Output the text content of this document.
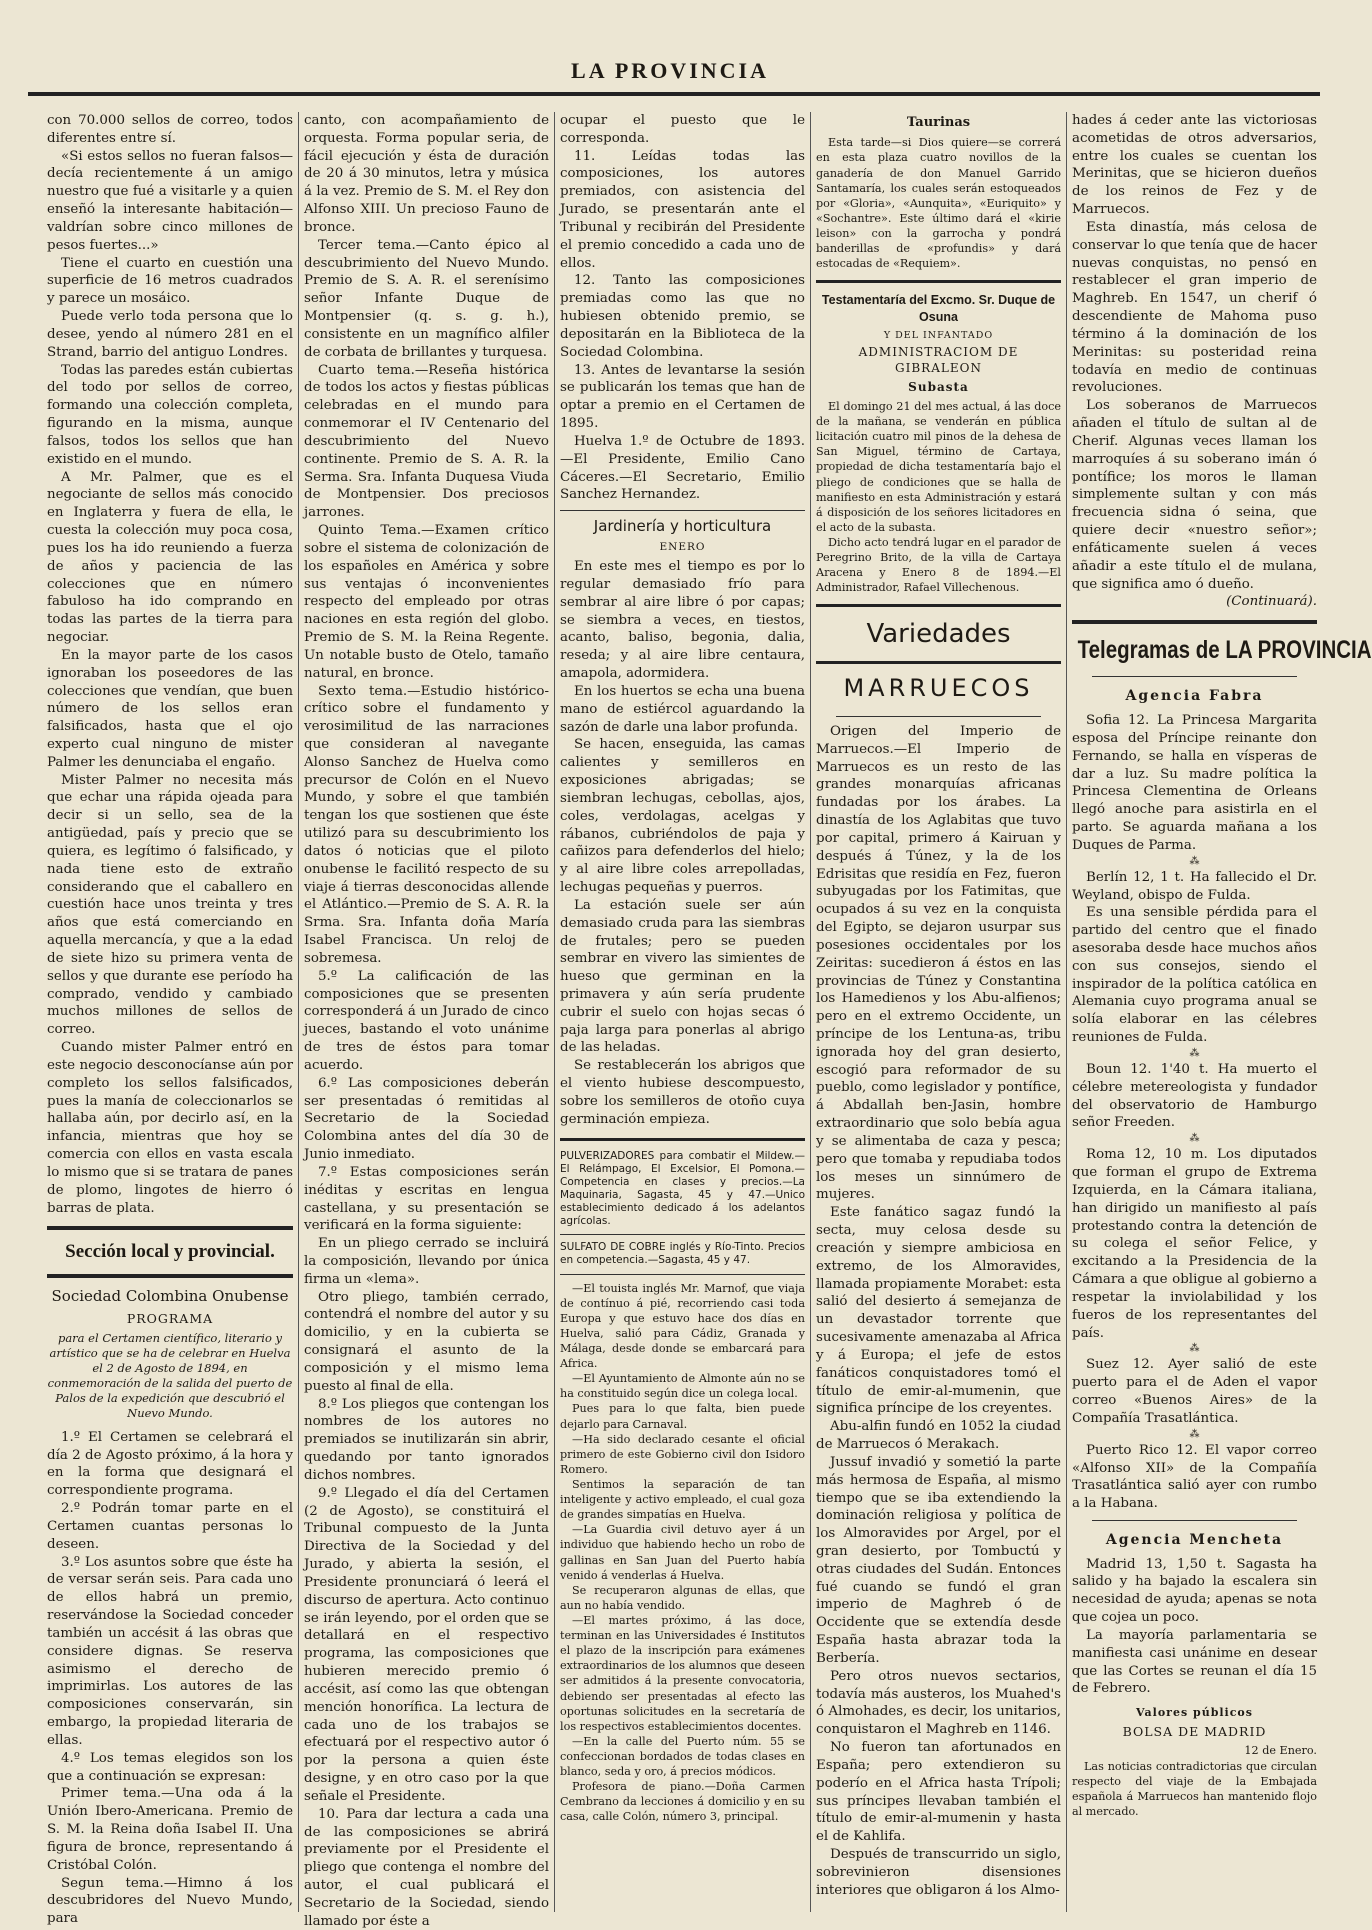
LA PROVINCIA

con 70.000 sellos de correo, todos diferentes entre sí.

«Si estos sellos no fueran falsos—decía recientemente á un amigo nuestro que fué a visitarle y a quien enseñó la interesante habitación—valdrían sobre cinco millones de pesos fuertes...»

Tiene el cuarto en cuestión una superficie de 16 metros cuadrados y parece un mosáico.

Puede verlo toda persona que lo desee, yendo al número 281 en el Strand, barrio del antiguo Londres.

Todas las paredes están cubiertas del todo por sellos de correo, formando una colección completa, figurando en la misma, aunque falsos, todos los sellos que han existido en el mundo.

A Mr. Palmer, que es el negociante de sellos más conocido en Inglaterra y fuera de ella, le cuesta la colección muy poca cosa, pues los ha ido reuniendo a fuerza de años y paciencia de las colecciones que en número fabuloso ha ido comprando en todas las partes de la tierra para negociar.

En la mayor parte de los casos ignoraban los poseedores de las colecciones que vendían, que buen número de los sellos eran falsificados, hasta que el ojo experto cual ninguno de mister Palmer les denunciaba el engaño.

Mister Palmer no necesita más que echar una rápida ojeada para decir si un sello, sea de la antigüedad, país y precio que se quiera, es legítimo ó falsificado, y nada tiene esto de extraño considerando que el caballero en cuestión hace unos treinta y tres años que está comerciando en aquella mercancía, y que a la edad de siete hizo su primera venta de sellos y que durante ese período ha comprado, vendido y cambiado muchos millones de sellos de correo.

Cuando mister Palmer entró en este negocio desconocíanse aún por completo los sellos falsificados, pues la manía de coleccionarlos se hallaba aún, por decirlo así, en la infancia, mientras que hoy se comercia con ellos en vasta escala lo mismo que si se tratara de panes de plomo, lingotes de hierro ó barras de plata.

Sección local y provincial.
Sociedad Colombina Onubense
PROGRAMA
para el Certamen científico, literario y artístico que se ha de celebrar en Huelva el 2 de Agosto de 1894, en conmemoración de la salida del puerto de Palos de la expedición que descubrió el Nuevo Mundo.

1.º El Certamen se celebrará el día 2 de Agosto próximo, á la hora y en la forma que designará el correspondiente programa.

2.º Podrán tomar parte en el Certamen cuantas personas lo deseen.

3.º Los asuntos sobre que éste ha de versar serán seis. Para cada uno de ellos habrá un premio, reservándose la Sociedad conceder también un accésit á las obras que considere dignas. Se reserva asimismo el derecho de imprimirlas. Los autores de las composiciones conservarán, sin embargo, la propiedad literaria de ellas.

4.º Los temas elegidos son los que a continuación se expresan:

Primer tema.—Una oda á la Unión Ibero-Americana. Premio de S. M. la Reina doña Isabel II. Una figura de bronce, representando á Cristóbal Colón.

Segun tema.—Himno á los descubridores del Nuevo Mundo, para

canto, con acompañamiento de orquesta. Forma popular seria, de fácil ejecución y ésta de duración de 20 á 30 minutos, letra y música á la vez. Premio de S. M. el Rey don Alfonso XIII. Un precioso Fauno de bronce.

Tercer tema.—Canto épico al descubrimiento del Nuevo Mundo. Premio de S. A. R. el serenísimo señor Infante Duque de Montpensier (q. s. g. h.), consistente en un magnífico alfiler de corbata de brillantes y turquesa.

Cuarto tema.—Reseña histórica de todos los actos y fiestas públicas celebradas en el mundo para conmemorar el IV Centenario del descubrimiento del Nuevo continente. Premio de S. A. R. la Serma. Sra. Infanta Duquesa Viuda de Montpensier. Dos preciosos jarrones.

Quinto Tema.—Examen crítico sobre el sistema de colonización de los españoles en América y sobre sus ventajas ó inconvenientes respecto del empleado por otras naciones en esta región del globo. Premio de S. M. la Reina Regente. Un notable busto de Otelo, tamaño natural, en bronce.

Sexto tema.—Estudio histórico-crítico sobre el fundamento y verosimilitud de las narraciones que consideran al navegante Alonso Sanchez de Huelva como precursor de Colón en el Nuevo Mundo, y sobre el que también tengan los que sostienen que éste utilizó para su descubrimiento los datos ó noticias que el piloto onubense le facilitó respecto de su viaje á tierras desconocidas allende el Atlántico.—Premio de S. A. R. la Srma. Sra. Infanta doña María Isabel Francisca. Un reloj de sobremesa.

5.º La calificación de las composiciones que se presenten corresponderá á un Jurado de cinco jueces, bastando el voto unánime de tres de éstos para tomar acuerdo.

6.º Las composiciones deberán ser presentadas ó remitidas al Secretario de la Sociedad Colombina antes del día 30 de Junio inmediato.

7.º Estas composiciones serán inéditas y escritas en lengua castellana, y su presentación se verificará en la forma siguiente:

En un pliego cerrado se incluirá la composición, llevando por única firma un «lema».

Otro pliego, también cerrado, contendrá el nombre del autor y su domicilio, y en la cubierta se consignará el asunto de la composición y el mismo lema puesto al final de ella.

8.º Los pliegos que contengan los nombres de los autores no premiados se inutilizarán sin abrir, quedando por tanto ignorados dichos nombres.

9.º Llegado el día del Certamen (2 de Agosto), se constituirá el Tribunal compuesto de la Junta Directiva de la Sociedad y del Jurado, y abierta la sesión, el Presidente pronunciará ó leerá el discurso de apertura. Acto continuo se irán leyendo, por el orden que se detallará en el respectivo programa, las composiciones que hubieren merecido premio ó accésit, así como las que obtengan mención honorífica. La lectura de cada uno de los trabajos se efectuará por el respectivo autor ó por la persona a quien éste designe, y en otro caso por la que señale el Presidente.

10. Para dar lectura a cada una de las composiciones se abrirá previamente por el Presidente el pliego que contenga el nombre del autor, el cual publicará el Secretario de la Sociedad, siendo llamado por éste a

ocupar el puesto que le corresponda.

11. Leídas todas las composiciones, los autores premiados, con asistencia del Jurado, se presentarán ante el Tribunal y recibirán del Presidente el premio concedido a cada uno de ellos.

12. Tanto las composiciones premiadas como las que no hubiesen obtenido premio, se depositarán en la Biblioteca de la Sociedad Colombina.

13. Antes de levantarse la sesión se publicarán los temas que han de optar a premio en el Certamen de 1895.

Huelva 1.º de Octubre de 1893. —El Presidente, Emilio Cano Cáceres.—El Secretario, Emilio Sanchez Hernandez.

Jardinería y horticultura
ENERO

En este mes el tiempo es por lo regular demasiado frío para sembrar al aire libre ó por capas; se siembra a veces, en tiestos, acanto, baliso, begonia, dalia, reseda; y al aire libre centaura, amapola, adormidera.

En los huertos se echa una buena mano de estiércol aguardando la sazón de darle una labor profunda.

Se hacen, enseguida, las camas calientes y semilleros en exposiciones abrigadas; se siembran lechugas, cebollas, ajos, coles, verdolagas, acelgas y rábanos, cubriéndolos de paja y cañizos para defenderlos del hielo; y al aire libre coles arrepolladas, lechugas pequeñas y puerros.

La estación suele ser aún demasiado cruda para las siembras de frutales; pero se pueden sembrar en vivero las simientes de hueso que germinan en la primavera y aún sería prudente cubrir el suelo con hojas secas ó paja larga para ponerlas al abrigo de las heladas.

Se restablecerán los abrigos que el viento hubiese descompuesto, sobre los semilleros de otoño cuya germinación empieza.

PULVERIZADORES para combatir el Mildew.—El Relámpago, El Excelsior, El Pomona.—Competencia en clases y precios.—La Maquinaria, Sagasta, 45 y 47.—Unico establecimiento dedicado á los adelantos agrícolas.
SULFATO DE COBRE inglés y Río-Tinto. Precios en competencia.—Sagasta, 45 y 47.

—El touista inglés Mr. Marnof, que viaja de contínuo á pié, recorriendo casi toda Europa y que estuvo hace dos días en Huelva, salió para Cádiz, Granada y Málaga, desde donde se embarcará para Africa.

—El Ayuntamiento de Almonte aún no se ha constituido según dice un colega local.

Pues para lo que falta, bien puede dejarlo para Carnaval.

—Ha sido declarado cesante el oficial primero de este Gobierno civil don Isidoro Romero.

Sentimos la separación de tan inteligente y activo empleado, el cual goza de grandes simpatías en Huelva.

—La Guardia civil detuvo ayer á un individuo que habiendo hecho un robo de gallinas en San Juan del Puerto había venido á venderlas á Huelva.

Se recuperaron algunas de ellas, que aun no había vendido.

—El martes próximo, á las doce, terminan en las Universidades é Institutos el plazo de la inscripción para exámenes extraordinarios de los alumnos que deseen ser admitidos á la presente convocatoria, debiendo ser presentadas al efecto las oportunas solicitudes en la secretaría de los respectivos establecimientos docentes.

—En la calle del Puerto núm. 55 se confeccionan bordados de todas clases en blanco, seda y oro, á precios módicos.

Profesora de piano.—Doña Carmen Cembrano da lecciones á domicilio y en su casa, calle Colón, número 3, principal.

Taurinas

Esta tarde—si Dios quiere—se correrá en esta plaza cuatro novillos de la ganadería de don Manuel Garrido Santamaría, los cuales serán estoqueados por «Gloria», «Aunquita», «Euriquito» y «Sochantre». Este último dará el «kirie leison» con la garrocha y pondrá banderillas de «profundis» y dará estocadas de «Requiem».

Testamentaría del Excmo. Sr. Duque de Osuna
Y DEL INFANTADO
ADMINISTRACIOM DE GIBRALEON
Subasta

El domingo 21 del mes actual, á las doce de la mañana, se venderán en pública licitación cuatro mil pinos de la dehesa de San Miguel, término de Cartaya, propiedad de dicha testamentaría bajo el pliego de condiciones que se halla de manifiesto en esta Administración y estará á disposición de los señores licitadores en el acto de la subasta.

Dicho acto tendrá lugar en el parador de Peregrino Brito, de la villa de Cartaya Aracena y Enero 8 de 1894.—El Administrador, Rafael Villechenous.

Variedades
MARRUECOS

Origen del Imperio de Marruecos.—El Imperio de Marruecos es un resto de las grandes monarquías africanas fundadas por los árabes. La dinastía de los Aglabitas que tuvo por capital, primero á Kairuan y después á Túnez, y la de los Edrisitas que residía en Fez, fueron subyugadas por los Fatimitas, que ocupados á su vez en la conquista del Egipto, se dejaron usurpar sus posesiones occidentales por los Zeiritas: sucedieron á éstos en las provincias de Túnez y Constantina los Hamedienos y los Abu-alfienos; pero en el extremo Occidente, un príncipe de los Lentuna-as, tribu ignorada hoy del gran desierto, escogió para reformador de su pueblo, como legislador y pontífice, á Abdallah ben-Jasin, hombre extraordinario que solo bebía agua y se alimentaba de caza y pesca; pero que tomaba y repudiaba todos los meses un sinnúmero de mujeres.

Este fanático sagaz fundó la secta, muy celosa desde su creación y siempre ambiciosa en extremo, de los Almoravides, llamada propiamente Morabet: esta salió del desierto á semejanza de un devastador torrente que sucesivamente amenazaba al Africa y á Europa; el jefe de estos fanáticos conquistadores tomó el título de emir-al-mumenin, que significa príncipe de los creyentes.

Abu-alfin fundó en 1052 la ciudad de Marruecos ó Merakach.

Jussuf invadió y sometió la parte más hermosa de España, al mismo tiempo que se iba extendiendo la dominación religiosa y política de los Almoravides por Argel, por el gran desierto, por Tombuctú y otras ciudades del Sudán. Entonces fué cuando se fundó el gran imperio de Maghreb ó de Occidente que se extendía desde España hasta abrazar toda la Berbería.

Pero otros nuevos sectarios, todavía más austeros, los Muahed's ó Almohades, es decir, los unitarios, conquistaron el Maghreb en 1146.

No fueron tan afortunados en España; pero extendieron su poderío en el Africa hasta Trípoli; sus príncipes llevaban también el título de emir-al-mumenin y hasta el de Kahlifa.

Después de transcurrido un siglo, sobrevinieron disensiones interiores que obligaron á los Almo-

hades á ceder ante las victoriosas acometidas de otros adversarios, entre los cuales se cuentan los Merinitas, que se hicieron dueños de los reinos de Fez y de Marruecos.

Esta dinastía, más celosa de conservar lo que tenía que de hacer nuevas conquistas, no pensó en restablecer el gran imperio de Maghreb. En 1547, un cherif ó descendiente de Mahoma puso término á la dominación de los Merinitas: su posteridad reina todavía en medio de continuas revoluciones.

Los soberanos de Marruecos añaden el título de sultan al de Cherif. Algunas veces llaman los marroquíes á su soberano imán ó pontífice; los moros le llaman simplemente sultan y con más frecuencia sidna ó seina, que quiere decir «nuestro señor»; enfáticamente suelen á veces añadir a este título el de mulana, que significa amo ó dueño.

(Continuará).
Telegramas de LA PROVINCIA
Agencia Fabra

Sofia 12. La Princesa Margarita esposa del Príncipe reinante don Fernando, se halla en vísperas de dar a luz. Su madre política la Princesa Clementina de Orleans llegó anoche para asistirla en el parto. Se aguarda mañana a los Duques de Parma.

⁂

Berlín 12, 1 t. Ha fallecido el Dr. Weyland, obispo de Fulda.

Es una sensible pérdida para el partido del centro que el finado asesoraba desde hace muchos años con sus consejos, siendo el inspirador de la política católica en Alemania cuyo programa anual se solía elaborar en las célebres reuniones de Fulda.

⁂

Boun 12. 1'40 t. Ha muerto el célebre metereologista y fundador del observatorio de Hamburgo señor Freeden.

⁂

Roma 12, 10 m. Los diputados que forman el grupo de Extrema Izquierda, en la Cámara italiana, han dirigido un manifiesto al país protestando contra la detención de su colega el señor Felice, y excitando a la Presidencia de la Cámara a que obligue al gobierno a respetar la inviolabilidad y los fueros de los representantes del país.

⁂

Suez 12. Ayer salió de este puerto para el de Aden el vapor correo «Buenos Aires» de la Compañía Trasatlántica.

⁂

Puerto Rico 12. El vapor correo «Alfonso XII» de la Compañía Trasatlántica salió ayer con rumbo a la Habana.

Agencia Mencheta

Madrid 13, 1,50 t. Sagasta ha salido y ha bajado la escalera sin necesidad de ayuda; apenas se nota que cojea un poco.

La mayoría parlamentaria se manifiesta casi unánime en desear que las Cortes se reunan el día 15 de Febrero.

Valores públicos
BOLSA DE MADRID
12 de Enero.

Las noticias contradictorias que circulan respecto del viaje de la Embajada española á Marruecos han mantenido flojo al mercado.
